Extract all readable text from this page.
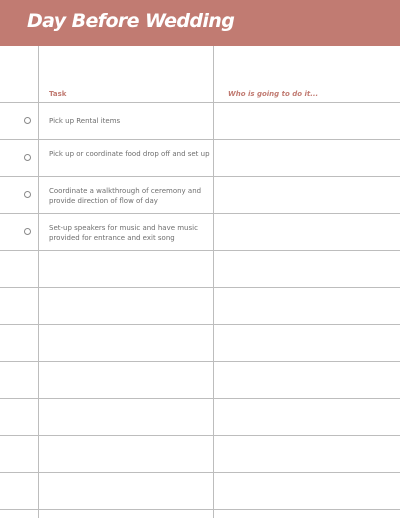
Day Before Wedding
Task	Who is going to do it...
Pick up Rental items
Pick up or coordinate food drop off and set up
Coordinate a walkthrough of ceremony and provide direction of flow of day
Set-up speakers for music and have music provided for entrance and exit song
